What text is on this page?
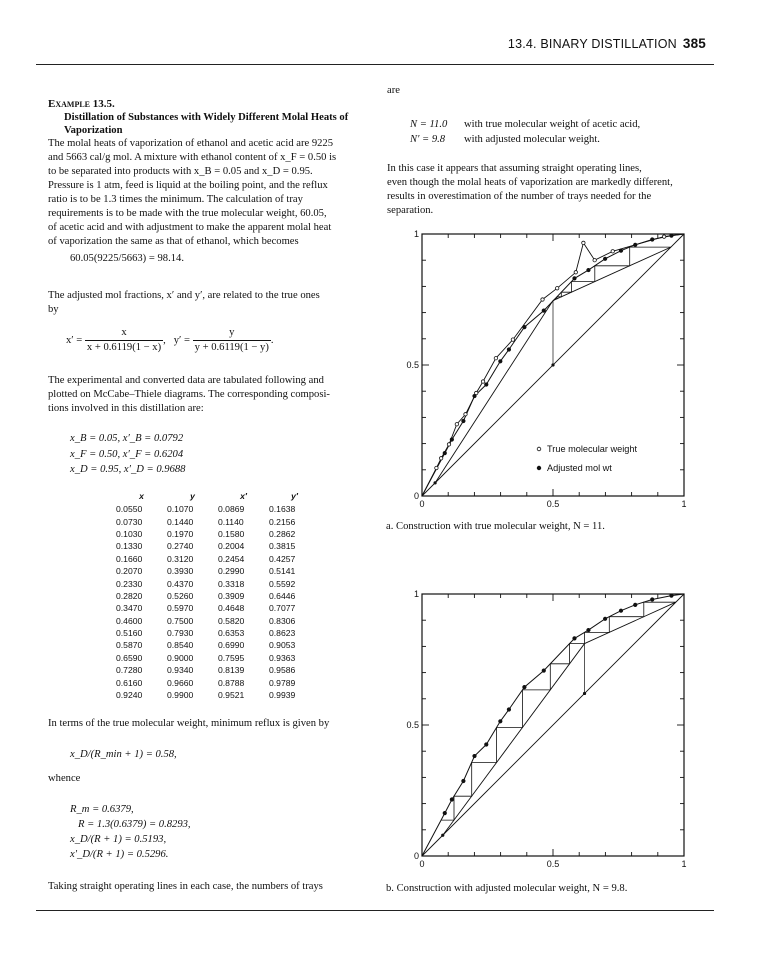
13.4. BINARY DISTILLATION 385
Example 13.5.
Distillation of Substances with Widely Different Molal Heats of Vaporization
The molal heats of vaporization of ethanol and acetic acid are 9225
and 5663 cal/g mol. A mixture with ethanol content of x_F = 0.50 is
to be separated into products with x_B = 0.05 and x_D = 0.95.
Pressure is 1 atm, feed is liquid at the boiling point, and the reflux
ratio is to be 1.3 times the minimum. The calculation of tray
requirements is to be made with the true molecular weight, 60.05,
of acetic acid and with adjustment to make the apparent molal heat
of vaporization the same as that of ethanol, which becomes
60.05(9225/5663) = 98.14.
The adjusted mol fractions, x′ and y′, are related to the true ones
by
$x' = \frac{x}{x + 0.6119(1 - x)}$ , $y' = \frac{y}{y + 0.6119(1 - y)}$ .
The experimental and converted data are tabulated following and
plotted on McCabe–Thiele diagrams. The corresponding composi-
tions involved in this distillation are:
x_B = 0.05, x′_B = 0.0792
x_F = 0.50, x′_F = 0.6204
x_D = 0.95, x′_D = 0.9688
x	y	x′	y′
0.0550	0.1070	0.0869	0.1638
0.0730	0.1440	0.1140	0.2156
0.1030	0.1970	0.1580	0.2862
0.1330	0.2740	0.2004	0.3815
0.1660	0.3120	0.2454	0.4257
0.2070	0.3930	0.2990	0.5141
0.2330	0.4370	0.3318	0.5592
0.2820	0.5260	0.3909	0.6446
0.3470	0.5970	0.4648	0.7077
0.4600	0.7500	0.5820	0.8306
0.5160	0.7930	0.6353	0.8623
0.5870	0.8540	0.6990	0.9053
0.6590	0.9000	0.7595	0.9363
0.7280	0.9340	0.8139	0.9586
0.6160	0.9660	0.8788	0.9789
0.9240	0.9900	0.9521	0.9939
In terms of the true molecular weight, minimum reflux is given by
x_D/(R_min + 1) = 0.58,
whence
R_m = 0.6379,
R = 1.3(0.6379) = 0.8293,
x_D/(R + 1) = 0.5193,
x′_D/(R + 1) = 0.5296.
Taking straight operating lines in each case, the numbers of trays
are
N = 11.0 with true molecular weight of acetic acid,
N′ = 9.8 with adjusted molecular weight.
In this case it appears that assuming straight operating lines,
even though the molal heats of vaporization are markedly different,
results in overestimation of the number of trays needed for the
separation.
0	0.5	1
0
0.5
1
True molecular weight
Adjusted mol wt
a. Construction with true molecular weight, N = 11.
0	0.5	1
0
0.5
1
b. Construction with adjusted molecular weight, N = 9.8.
